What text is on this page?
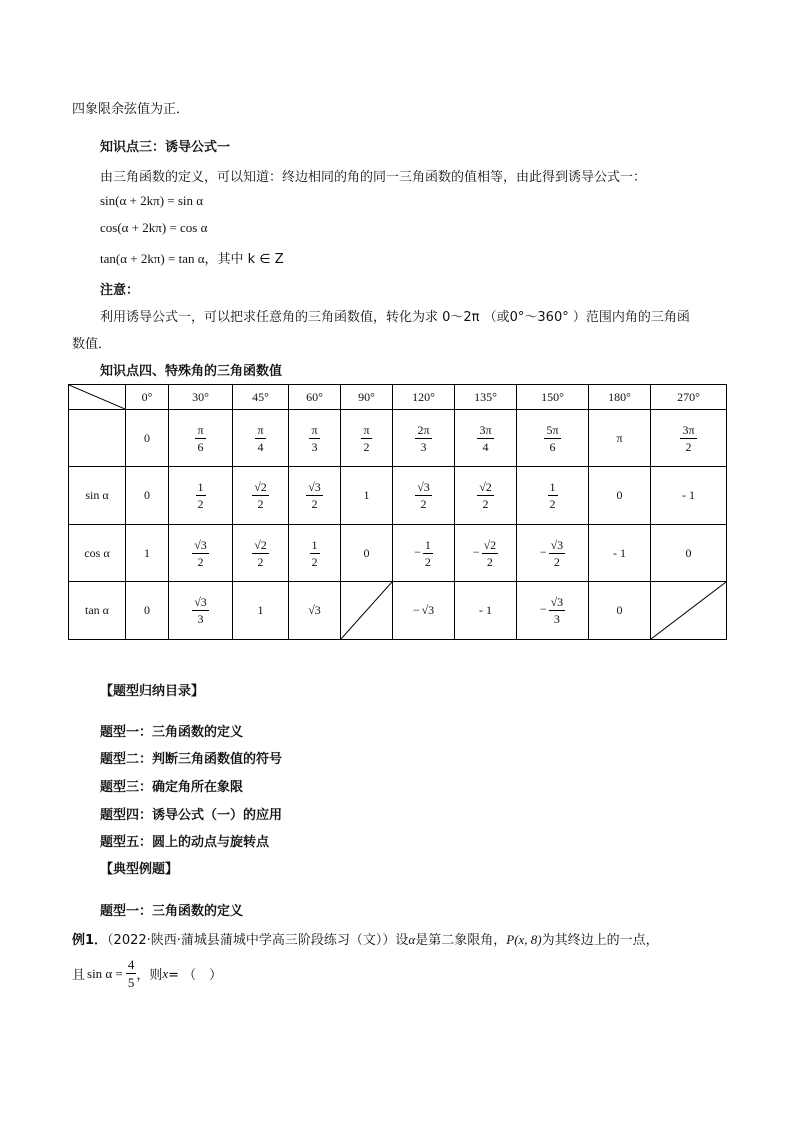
四象限余弦值为正．
知识点三：诱导公式一
由三角函数的定义，可以知道：终边相同的角的同一三角函数的值相等，由此得到诱导公式一：
sin(α + 2kπ) = sin α
cos(α + 2kπ) = cos α
tan(α + 2kπ) = tan α，其中 k ∈ Z
注意：
利用诱导公式一，可以把求任意角的三角函数值，转化为求 0～2π （或0°～360° ）范围内角的三角函
数值．
知识点四、特殊角的三角函数值
	0°	30°	45°	60°	90°	120°	135°	150°	180°	270°
	0	$\frac{\pi}{6}$	$\frac{\pi}{4}$	$\frac{\pi}{3}$	$\frac{\pi}{2}$	$\frac{2\pi}{3}$	$\frac{3\pi}{4}$	$\frac{5\pi}{6}$	π	$\frac{3\pi}{2}$

sin α	0	$\frac{1}{2}$	$\frac{√2}{2}$	$\frac{√3}{2}$	1	$\frac{√3}{2}$	$\frac{√2}{2}$	$\frac{1}{2}$	0	- 1
cos α	1	$\frac{√3}{2}$	$\frac{√2}{2}$	$\frac{1}{2}$	0	− $\frac{1}{2}$	− $\frac{√2}{2}$	− $\frac{√3}{2}$	- 1	0
tan α	0	$\frac{√3}{3}$	1	√3		− √3	- 1	− $\frac{√3}{3}$	0	
【题型归纳目录】
题型一：三角函数的定义
题型二：判断三角函数值的符号
题型三：确定角所在象限
题型四：诱导公式（一）的应用
题型五：圆上的动点与旋转点
【典型例题】
题型一：三角函数的定义
例1．（2022·陕西·蒲城县蒲城中学高三阶段练习（文））设α是第二象限角，P(x, 8)为其终边上的一点，
且 $\sin \alpha = \frac{4}{5}$ ，则 x = （　）
